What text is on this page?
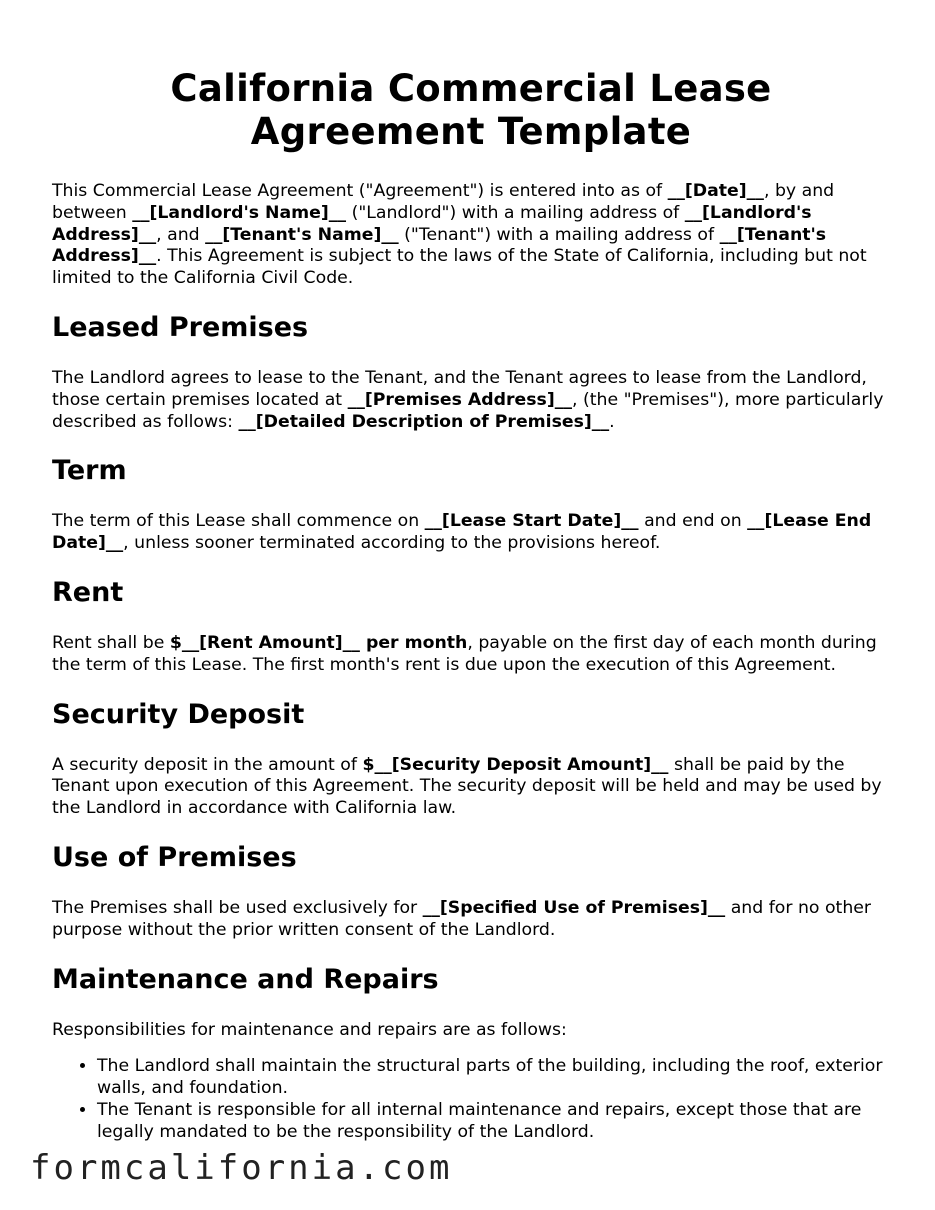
California Commercial Lease Agreement Template

This Commercial Lease Agreement ("Agreement") is entered into as of __[Date]__, by and between __[Landlord's Name]__ ("Landlord") with a mailing address of __[Landlord's Address]__, and __[Tenant's Name]__ ("Tenant") with a mailing address of __[Tenant's Address]__. This Agreement is subject to the laws of the State of California, including but not limited to the California Civil Code.

Leased Premises

The Landlord agrees to lease to the Tenant, and the Tenant agrees to lease from the Landlord, those certain premises located at __[Premises Address]__, (the "Premises"), more particularly described as follows: __[Detailed Description of Premises]__.

Term

The term of this Lease shall commence on __[Lease Start Date]__ and end on __[Lease End Date]__, unless sooner terminated according to the provisions hereof.

Rent

Rent shall be $__[Rent Amount]__ per month, payable on the first day of each month during the term of this Lease. The first month's rent is due upon the execution of this Agreement.

Security Deposit

A security deposit in the amount of $__[Security Deposit Amount]__ shall be paid by the Tenant upon execution of this Agreement. The security deposit will be held and may be used by the Landlord in accordance with California law.

Use of Premises

The Premises shall be used exclusively for __[Specified Use of Premises]__ and for no other purpose without the prior written consent of the Landlord.

Maintenance and Repairs

Responsibilities for maintenance and repairs are as follows:

• The Landlord shall maintain the structural parts of the building, including the roof, exterior walls, and foundation.
• The Tenant is responsible for all internal maintenance and repairs, except those that are legally mandated to be the responsibility of the Landlord.
formcalifornia.com
